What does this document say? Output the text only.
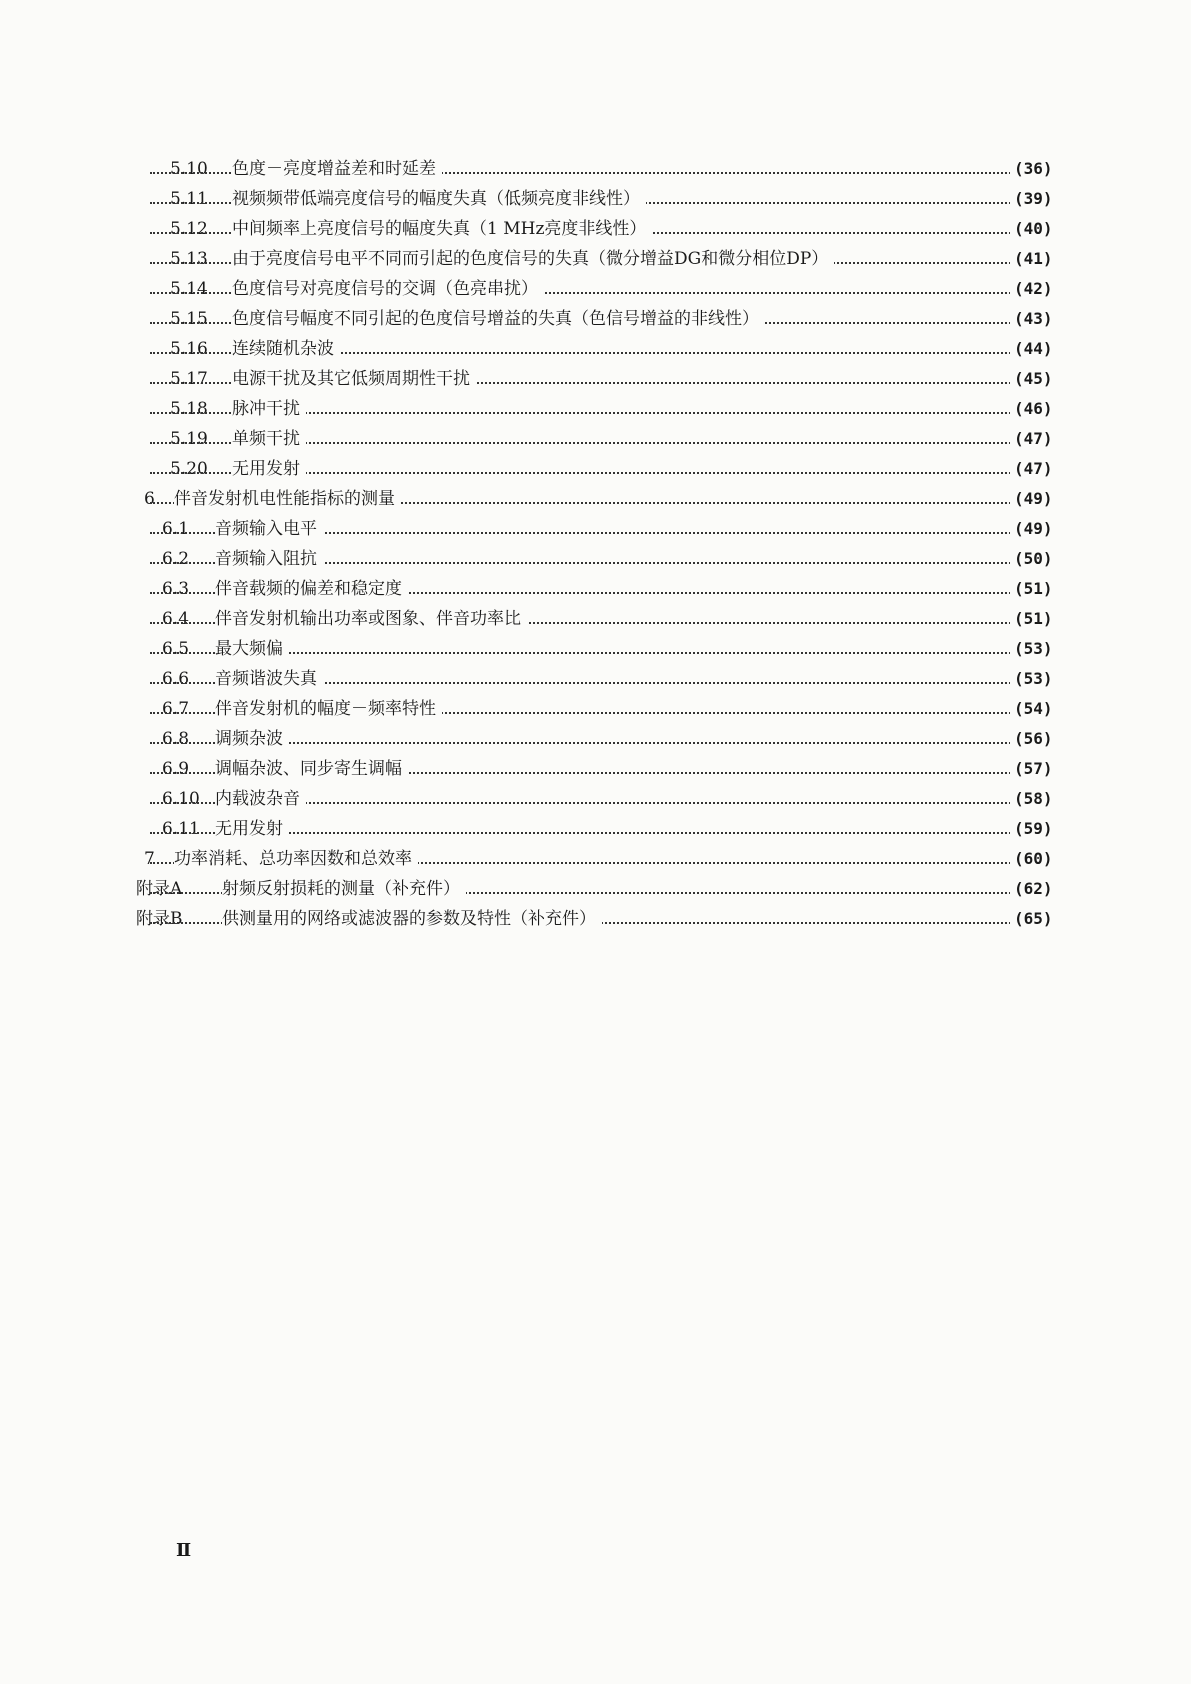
5.10 色度－亮度增益差和时延差	(36)
5.11 视频频带低端亮度信号的幅度失真（低频亮度非线性）	(39)
5.12 中间频率上亮度信号的幅度失真（1 MHz亮度非线性）	(40)
5.13 由于亮度信号电平不同而引起的色度信号的失真（微分增益DG和微分相位DP）	(41)
5.14 色度信号对亮度信号的交调（色亮串扰）	(42)
5.15 色度信号幅度不同引起的色度信号增益的失真（色信号增益的非线性）	(43)
5.16 连续随机杂波	(44)
5.17 电源干扰及其它低频周期性干扰	(45)
5.18 脉冲干扰	(46)
5.19 单频干扰	(47)
5.20 无用发射	(47)
6 伴音发射机电性能指标的测量	(49)
6.1 音频输入电平	(49)
6.2 音频输入阻抗	(50)
6.3 伴音载频的偏差和稳定度	(51)
6.4 伴音发射机输出功率或图象、伴音功率比	(51)
6.5 最大频偏	(53)
6.6 音频谐波失真	(53)
6.7 伴音发射机的幅度－频率特性	(54)
6.8 调频杂波	(56)
6.9 调幅杂波、同步寄生调幅	(57)
6.10 内载波杂音	(58)
6.11 无用发射	(59)
7 功率消耗、总功率因数和总效率	(60)
附录A 射频反射损耗的测量（补充件）	(62)
附录B 供测量用的网络或滤波器的参数及特性（补充件）	(65)
Ⅱ
